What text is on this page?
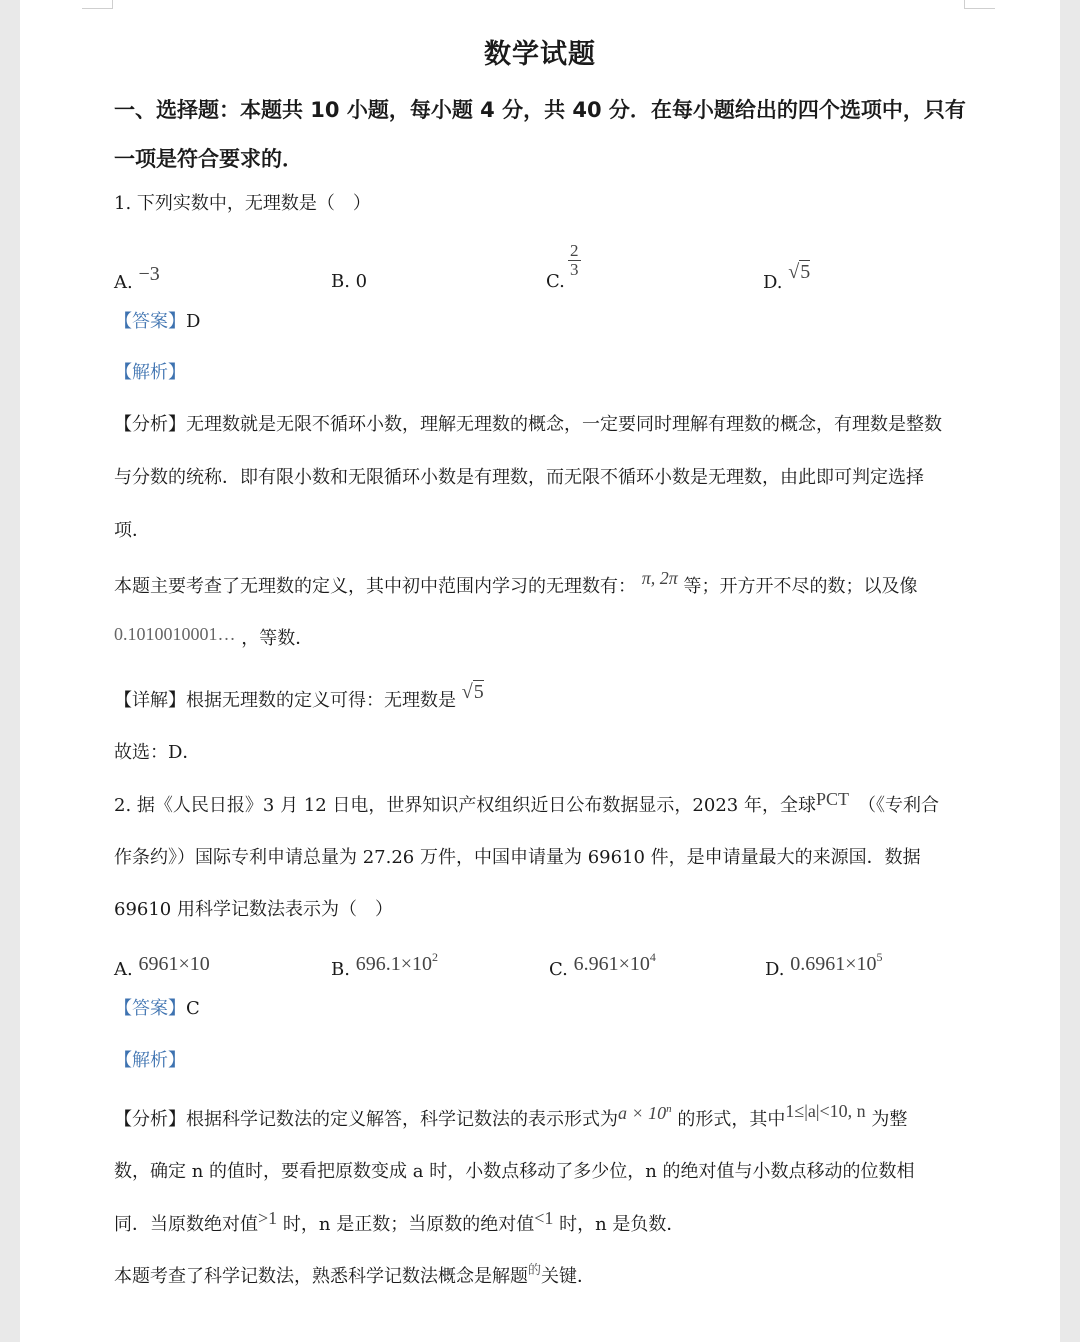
数学试题
一、选择题：本题共 10 小题，每小题 4 分，共 40 分．在每小题给出的四个选项中，只有
一项是符合要求的．
1. 下列实数中，无理数是（　）
A. −3	B. 0	C.
$\frac{2}{3}$
D. √5
【答案】D
【解析】
【分析】无理数就是无限不循环小数，理解无理数的概念，一定要同时理解有理数的概念，有理数是整数
与分数的统称．即有限小数和无限循环小数是有理数，而无限不循环小数是无理数，由此即可判定选择
项．
本题主要考查了无理数的定义，其中初中范围内学习的无理数有： π, 2π 等；开方开不尽的数；以及像
0.1010010001… ，等数．
【详解】根据无理数的定义可得：无理数是 √5
故选：D．
2. 据《人民日报》3 月 12 日电，世界知识产权组织近日公布数据显示，2023 年，全球PCT　 （《专利合
作条约》）国际专利申请总量为 27.26 万件，中国申请量为 69610 件，是申请量最大的来源国．数据
69610 用科学记数法表示为（　）
A. 6961×10	B. $696.1\times 10^2$
C. $6.961\times 10^4$
D. $0.6961\times 10^5$
【答案】C
【解析】
【分析】根据科学记数法的定义解答，科学记数法的表示形式为$a \times 10^n$ 的形式，其中1≤|a|<10, n 为整
数，确定 n 的值时，要看把原数变成 a 时，小数点移动了多少位，n 的绝对值与小数点移动的位数相
同．当原数绝对值>1 时，n 是正数；当原数的绝对值<1 时，n 是负数．
本题考查了科学记数法，熟悉科学记数法概念是解题$^的$关键．
